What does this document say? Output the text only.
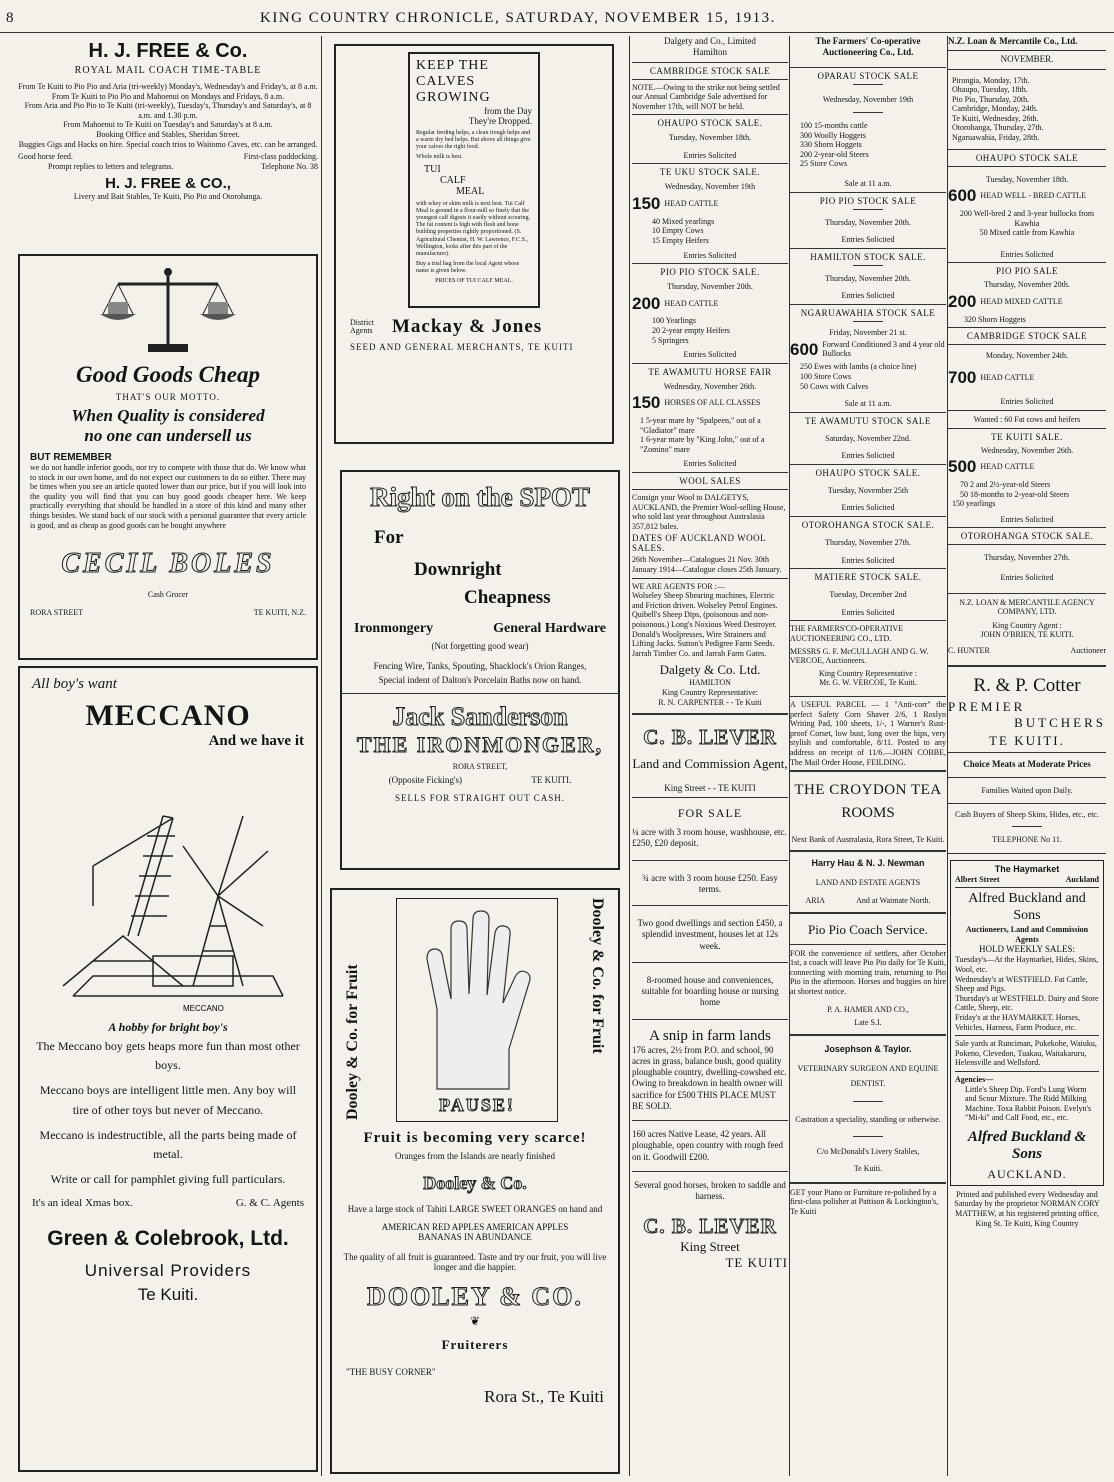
8	KING COUNTRY CHRONICLE, SATURDAY, NOVEMBER 15, 1913.
H. J. FREE & Co.
ROYAL MAIL COACH TIME-TABLE
From Te Kuiti to Pio Pio and Aria (tri-weekly) Monday's, Wednesday's and Friday's, at 8 a.m.
From Te Kuiti to Pio Pio and Mahoenui on Mondays and Fridays, 8 a.m.
From Aria and Pio Pio to Te Kuiti (tri-weekly), Tuesday's, Thursday's and Saturday's, at 8 a.m. and 1.30 p.m.
From Mahoenui to Te Kuiti on Tuesday's and Saturday's at 8 a.m.
Booking Office and Stables, Sheridan Street.
Buggies Gigs and Hacks on hire. Special coach trios to Waitomo Caves, etc. can be arranged.
Good horse feed.	First-class paddocking.
Prompt replies to letters and telegrams.	Telephone No. 38
H. J. FREE & CO.,
Livery and Bait Stables, Te Kuiti, Pio Pio and Otorohanga.
Good Goods Cheap
THAT'S OUR MOTTO.
When Quality is considered
no one can undersell us
BUT REMEMBER
we do not handle inferior goods, nor try to compete with those that do. We know what to stock in our own home, and do not expect our customers to do so either. There may be times when you see an article quoted lower than our price, but if you will look into the quality you will find that you can buy good goods cheaper here. We keep practically everything that should be handled in a store of this kind and many other things besides. We stand back of our stock with a personal guarantee that every article is good, and as cheap as good goods can be bought anywhere
CECIL BOLES
Cash Grocer
RORA STREET	TE KUITI, N.Z.
All boy's want
MECCANO
And we have it
MECCANO
A hobby for bright boy's
The Meccano boy gets heaps more fun than most other boys.
Meccano boys are intelligent little men. Any boy will tire of other toys but never of Meccano.
Meccano is indestructible, all the parts being made of metal.
Write or call for pamphlet giving full particulars.
It's an ideal Xmas box.	G. & C. Agents
Green & Colebrook, Ltd.
Universal Providers
Te Kuiti.
KEEP THE
CALVES
GROWING
from the Day
They're Dropped.
Regular feeding helps, a clean trough helps and a warm dry bed helps. But above all things give your calves the right food.
Whole milk is best.
TUI
CALF
MEAL
with whey or skim milk is next best. Tui Calf Meal is ground in a flour-mill so finely that the youngest calf digests it easily without scouring. The fat content is high with flesh and bone building properties rightly proportioned. (S. Agricultural Chemist, H. W. Lawrence, F.C.S., Wellington, looks after this part of the manufacture).
Buy a trial bag from the local Agent whose name is given below.
PRICES OF TUI CALF MEAL.
District Agents	Mackay & Jones
SEED AND GENERAL MERCHANTS, TE KUITI
Right on the SPOT
For
Downright
Cheapness
Ironmongery	General Hardware
(Not forgetting good wear)
Fencing Wire, Tanks, Spouting, Shacklock's Orion Ranges,
Special indent of Dalton's Porcelain Baths now on hand.
Jack Sanderson
THE IRONMONGER,
RORA STREET,
(Opposite Ficking's)	TE KUITI.
SELLS FOR STRAIGHT OUT CASH.
Dooley & Co. for Fruit	Dooley & Co. for Fruit
PAUSE!
Fruit is becoming very scarce!
Oranges from the Islands are nearly finished
Dooley & Co.
Have a large stock of Tahiti LARGE SWEET ORANGES on hand and
AMERICAN RED APPLES AMERICAN APPLES
BANANAS IN ABUNDANCE
The quality of all fruit is guaranteed. Taste and try our fruit, you will live longer and die happier.
DOOLEY & CO.
❦
Fruiterers
"THE BUSY CORNER"
Rora St., Te Kuiti
Dalgety and Co., Limited
Hamilton
CAMBRIDGE STOCK SALE
NOTE.—Owing to the strike not being settled our Annual Cambridge Sale advertised for November 17th, will NOT be held.
OHAUPO STOCK SALE.
Tuesday, November 18th.
Entries Solicited
TE UKU STOCK SALE.
Wednesday, November 19th
150 HEAD CATTLE
40 Mixed yearlings
10 Empty Cows
15 Empty Heifers
Entries Solicited
PIO PIO STOCK SALE.
Thursday, November 20th.
200 HEAD CATTLE
100 Yearlings
20 2-year empty Heifers
5 Springers
Entries Solicited
TE AWAMUTU HORSE FAIR
Wednesday, November 26th.
150 HORSES OF ALL CLASSES
1 5-year mare by "Spalpeen," out of a "Gladiator" mare
1 6-year mare by "King John," out of a "Zomino" mare
Entries Solicited
WOOL SALES
Consign your Wool to DALGETYS, AUCKLAND, the Premier Wool-selling House, who sold last year throughout Australasia 357,812 bales.
DATES OF AUCKLAND WOOL SALES.
26th November—Catalogues 21 Nov. 30th January 1914—Catalogue closes 25th January.
WE ARE AGENTS FOR :—
Wolseley Sheep Shearing machines, Electric and Friction driven. Wolseley Petrol Engines. Quibell's Sheep Dips, (poisonous and non-poisonous.) Long's Noxious Weed Destroyer. Donald's Woolpresses, Wire Strainers and Lifting Jacks. Sutton's Pedigree Farm Seeds. Jarrah Timber Co. and Jarrah Farm Gates.
Dalgety & Co. Ltd.
HAMILTON
King Country Representative:
R. N. CARPENTER - - Te Kuiti
C. B. LEVER
Land and Commission Agent,
King Street - - TE KUITI
FOR SALE
¼ acre with 3 room house, washhouse, etc. £250, £20 deposit.
¾ acre with 3 room house £250. Easy terms.
Two good dwellings and section £450, a splendid investment, houses let at 12s week.
8-roomed house and conveniences, suitable for boarding house or nursing home
A snip in farm lands
176 acres, 2½ from P.O. and school, 90 acres in grass, balance bush, good quality ploughable country, dwelling-cowshed etc. Owing to breakdown in health owner will sacrifice for £500 THIS PLACE MUST BE SOLD.
160 acres Native Lease, 42 years. All ploughable, open country with rough feed on it. Goodwill £200.
Several good horses, broken to saddle and harness.
C. B. LEVER
King Street
TE KUITI
The Farmers' Co-operative
Auctioneering Co., Ltd.
OPARAU STOCK SALE
Wednesday, November 19th
100 15-months cattle
300 Woolly Hoggets
330 Shorn Hoggets
200 2-year-old Steers
25 Store Cows
Sale at 11 a.m.
PIO PIO STOCK SALE
Thursday, November 20th.
Entries Solicited
HAMILTON STOCK SALE.
Thursday, November 20th.
Entries Solicited
NGARUAWAHIA STOCK SALE
Friday, November 21 st.
600 Forward Conditioned 3 and 4 year old Bullocks
250 Ewes with lambs (a choice line)
100 Store Cows
50 Cows with Calves
Sale at 11 a.m.
TE AWAMUTU STOCK SALE
Saturday, November 22nd.
Entries Solicited
OHAUPO STOCK SALE.
Tuesday, November 25th
Entries Solicited
OTOROHANGA STOCK SALE.
Thursday, November 27th.
Entries Solicited
MATIERE STOCK SALE.
Tuesday, December 2nd
Entries Solicited
THE FARMERS'CO-OPERATIVE AUCTIONEERING CO., LTD.
MESSRS G. F. McCULLAGH AND G. W. VERCOE, Auctioneers.
King Country Representative :
Mr. G. W. VERCOE, Te Kuiti.
A USEFUL PARCEL — 1 "Anti-corr" the perfect Safety Corn Shaver 2/6, 1 Roslyn Writing Pad, 100 sheets, 1/-, 1 Warner's Rust-proof Corset, low bust, long over the hips, very stylish and comfortable, 8/11. Posted to any address on receipt of 11/6.—JOHN COBBE, The Mail Order House, FEILDING.
THE CROYDON TEA
ROOMS
Next Bank of Australasia, Rora Street, Te Kuiti.
Harry Hau & N. J. Newman
LAND AND ESTATE AGENTS
ARIA	And at Waimate North.
Pio Pio Coach Service.
FOR the convenience of settlers, after October 1st, a coach will leave Pio Pio daily for Te Kuiti, connecting with morning train, returning to Pio Pio in the afternoon. Horses and buggies on hire at shortest notice.
P. A. HAMER AND CO.,
Late S.I.
Josephson & Taylor.
VETERINARY SURGEON AND EQUINE DENTIST.
Castration a speciality, standing or otherwise.
C/o McDonald's Livery Stables,
Te Kuiti.
GET your Piano or Furniture re-polished by a first-class polisher at Pattison & Lockington's, Te Kuiti
N.Z. Loan & Mercantile Co., Ltd.
NOVEMBER.
Pirongia, Monday, 17th.
Ohaupo, Tuesday, 18th.
Pio Pio, Thursday, 20th.
Cambridge, Monday, 24th.
Te Kuiti, Wednesday, 26th.
Otorohanga, Thursday, 27th.
Ngaruawahia, Friday, 28th.
OHAUPO STOCK SALE
Tuesday, November 18th.
600 HEAD WELL - BRED CATTLE
200 Well-bred 2 and 3-year bullocks from Kawhia
50 Mixed cattle from Kawhia
Entries Solicited
PIO PIO SALE
Thursday, November 20th.
200 HEAD MIXED CATTLE
320 Shorn Hoggets
CAMBRIDGE STOCK SALE
Monday, November 24th.
700 HEAD CATTLE
Entries Solicited
Wanted : 60 Fat cows and heifers
TE KUITI SALE.
Wednesday, November 26th.
500 HEAD CATTLE
70 2 and 2½-year-old Steers
50 18-months to 2-year-old Steers
150 yearlings
Entries Solicited
OTOROHANGA STOCK SALE.
Thursday, November 27th.
Entries Solicited
N.Z. LOAN & MERCANTILE AGENCY COMPANY, LTD.
King Country Agent :
JOHN O'BRIEN, TE KUITI.
C. HUNTER	Auctioneer
R. & P. Cotter
PREMIER
BUTCHERS
TE KUITI.
Choice Meats at Moderate Prices
Families Waited upon Daily.
Cash Buyers of Sheep Skins, Hides, etc., etc.
TELEPHONE No 11.
The Haymarket
Albert Street	Auckland
Alfred Buckland and Sons
Auctioneers, Land and Commission Agents
HOLD WEEKLY SALES:
Tuesday's—At the Haymarket, Hides, Skins, Wool, etc.
Wednesday's at WESTFIELD. Fat Cattle, Sheep and Pigs.
Thursday's at WESTFIELD. Dairy and Store Cattle, Sheep, etc.
Friday's at the HAYMARKET. Horses, Vehicles, Harness, Farm Produce, etc.
Sale yards at Runciman, Pukekohe, Waiuku, Pokeno, Clevedon, Tuakau, Waitakaruru, Helensville and Wellsford.
Agencies—
Little's Sheep Dip. Ford's Lung Worm and Scour Mixture. The Ridd Milking Machine. Toxa Rabbit Poison. Evelyn's "Mi-ki" and Calf Food, etc., etc.
Alfred Buckland & Sons
AUCKLAND.
Printed and published every Wednesday and Saturday by the proprietor NORMAN CORY MATTHEW, at his registered printing office, King St. Te Kuiti, King Country
